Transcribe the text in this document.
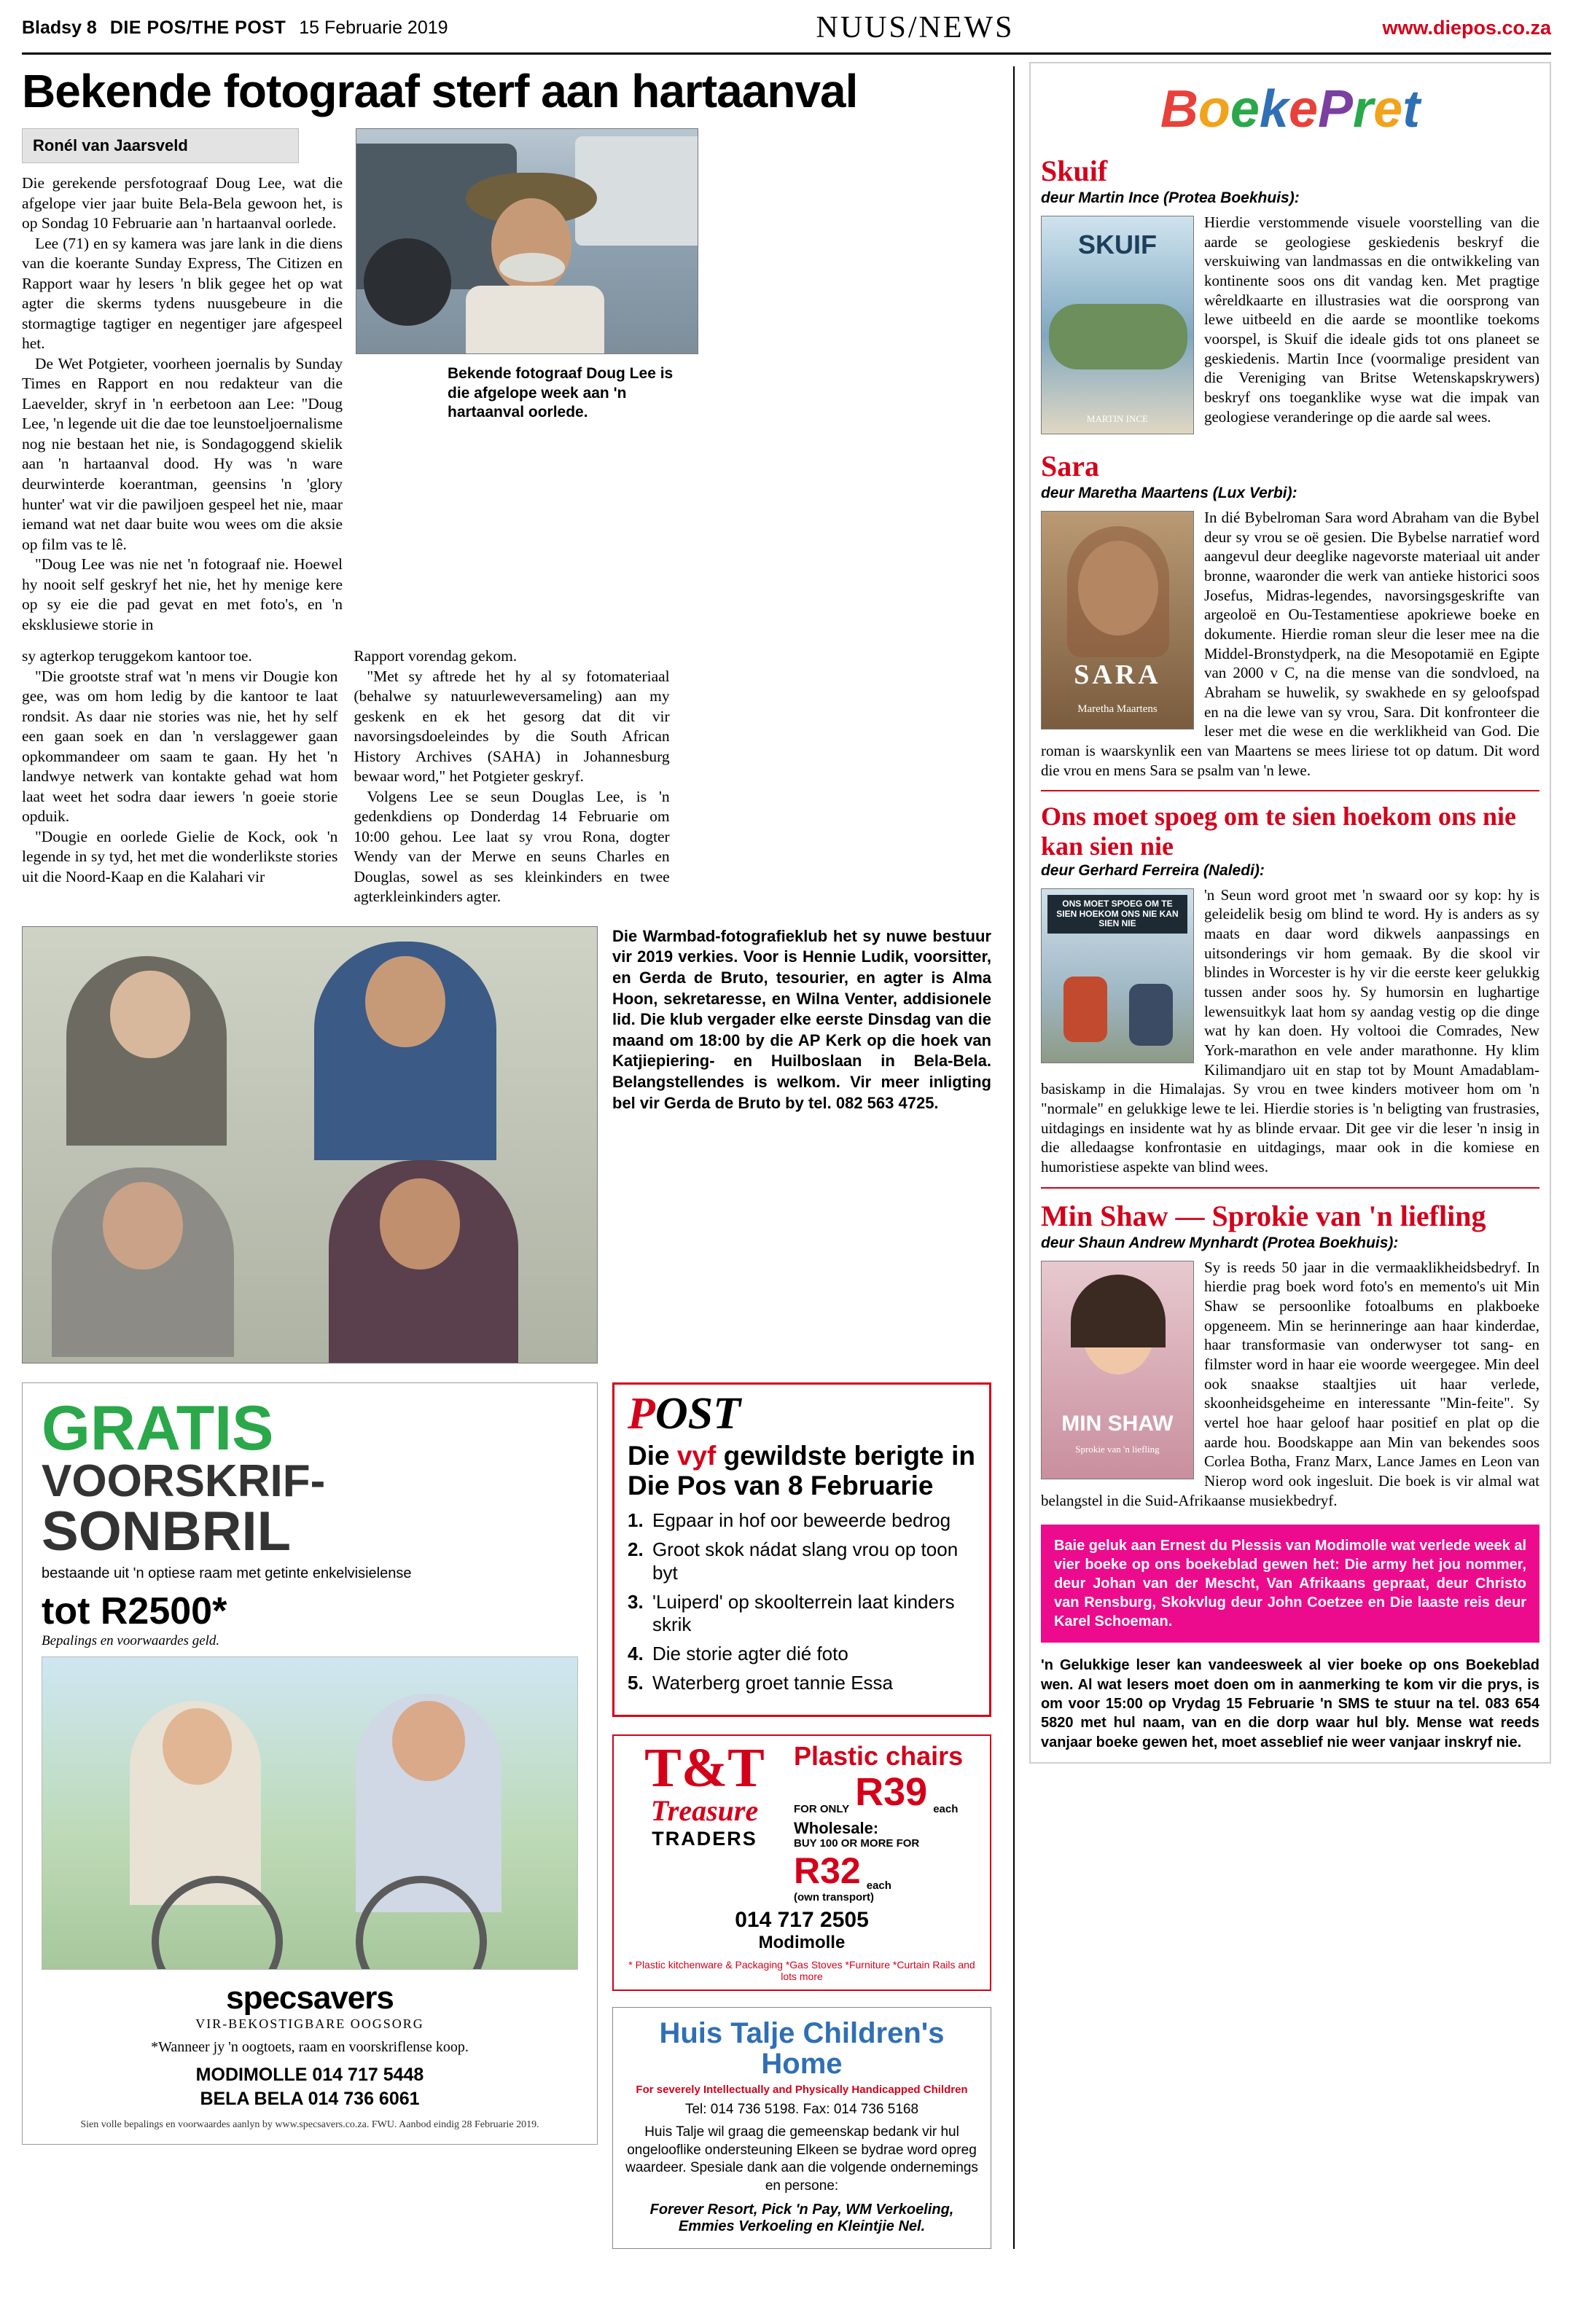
Bladsy 8 DIE POS/THE POST 15 Februarie 2019	NUUS/NEWS	www.diepos.co.za
Bekende fotograaf sterf aan hartaanval
Ronél van Jaarsveld

Die gerekende persfotograaf Doug Lee, wat die afgelope vier jaar buite Bela-Bela gewoon het, is op Sondag 10 Februarie aan 'n hartaanval oorlede.

Lee (71) en sy kamera was jare lank in die diens van die koerante Sunday Express, The Citizen en Rapport waar hy lesers 'n blik gegee het op wat agter die skerms tydens nuusgebeure in die stormagtige tagtiger en negentiger jare afgespeel het.

De Wet Potgieter, voorheen joernalis by Sunday Times en Rapport en nou redakteur van die Laevelder, skryf in 'n eerbetoon aan Lee: "Doug Lee, 'n legende uit die dae toe leunstoeljoernalisme nog nie bestaan het nie, is Sondagoggend skielik aan 'n hartaanval dood. Hy was 'n ware deurwinterde koerantman, geensins 'n 'glory hunter' wat vir die pawiljoen gespeel het nie, maar iemand wat net daar buite wou wees om die aksie op film vas te lê.

"Doug Lee was nie net 'n fotograaf nie. Hoewel hy nooit self geskryf het nie, het hy menige kere op sy eie die pad gevat en met foto's, en 'n eksklusiewe storie in

Bekende fotograaf Doug Lee is die afgelope week aan 'n hartaanval oorlede.

sy agterkop teruggekom kantoor toe.

"Die grootste straf wat 'n mens vir Dougie kon gee, was om hom ledig by die kantoor te laat rondsit. As daar nie stories was nie, het hy self een gaan soek en dan 'n verslaggewer gaan opkommandeer om saam te gaan. Hy het 'n landwye netwerk van kontakte gehad wat hom laat weet het sodra daar iewers 'n goeie storie opduik.

"Dougie en oorlede Gielie de Kock, ook 'n legende in sy tyd, het met die wonderlikste stories uit die Noord-Kaap en die Kalahari vir

Rapport vorendag gekom.

"Met sy aftrede het hy al sy fotomateriaal (behalwe sy natuurleweversameling) aan my geskenk en ek het gesorg dat dit vir navorsingsdoeleindes by die South African History Archives (SAHA) in Johannesburg bewaar word," het Potgieter geskryf.

Volgens Lee se seun Douglas Lee, is 'n gedenkdiens op Donderdag 14 Februarie om 10:00 gehou. Lee laat sy vrou Rona, dogter Wendy van der Merwe en seuns Charles en Douglas, sowel as ses kleinkinders en twee agterkleinkinders agter.

Die Warmbad-fotografieklub het sy nuwe bestuur vir 2019 verkies. Voor is Hennie Ludik, voorsitter, en Gerda de Bruto, tesourier, en agter is Alma Hoon, sekretaresse, en Wilna Venter, addisionele lid. Die klub vergader elke eerste Dinsdag van die maand om 18:00 by die AP Kerk op die hoek van Katjiepiering- en Huilboslaan in Bela-Bela. Belangstellendes is welkom. Vir meer inligting bel vir Gerda de Bruto by tel. 082 563 4725.
GRATIS
VOORSKRIF-
SONBRIL
bestaande uit 'n optiese raam met getinte enkelvisielense
tot R2500*
Bepalings en voorwaardes geld.
specsavers
VIR-BEKOSTIGBARE OOGSORG
*Wanneer jy 'n oogtoets, raam en voorskriflense koop.
MODIMOLLE 014 717 5448
BELA BELA 014 736 6061
Sien volle bepalings en voorwaardes aanlyn by www.specsavers.co.za. FWU. Aanbod eindig 28 Februarie 2019.
POST
Die vyf gewildste berigte in Die Pos van 8 Februarie
1. Egpaar in hof oor beweerde bedrog
2. Groot skok nádat slang vrou op toon byt
3. 'Luiperd' op skoolterrein laat kinders skrik
4. Die storie agter dié foto
5. Waterberg groet tannie Essa
T&T
Treasure
TRADERS
Plastic chairs
FOR ONLY R39 each
Wholesale:
BUY 100 OR MORE FOR
R32 each
(own transport)
014 717 2505
Modimolle
* Plastic kitchenware & Packaging *Gas Stoves *Furniture *Curtain Rails and lots more
Huis Talje Children's Home
For severely Intellectually and Physically Handicapped Children
Tel: 014 736 5198. Fax: 014 736 5168
Huis Talje wil graag die gemeenskap bedank vir hul ongelooflike ondersteuning Elkeen se bydrae word opreg waardeer. Spesiale dank aan die volgende ondernemings en persone:
Forever Resort, Pick 'n Pay, WM Verkoeling, Emmies Verkoeling en Kleintjie Nel.
BoekePret
Skuif
deur Martin Ince (Protea Boekhuis):
SKUIF
MARTIN INCE

Hierdie verstommende visuele voorstelling van die aarde se geologiese geskiedenis beskryf die verskuiwing van landmassas en die ontwikkeling van kontinente soos ons dit vandag ken. Met pragtige wêreldkaarte en illustrasies wat die oorsprong van lewe uitbeeld en die aarde se moontlike toekoms voorspel, is Skuif die ideale gids tot ons planeet se geskiedenis. Martin Ince (voormalige president van die Vereniging van Britse Wetenskapskrywers) beskryf ons toeganklike wyse wat die impak van geologiese veranderinge op die aarde sal wees.

Sara
deur Maretha Maartens (Lux Verbi):
SARA
Maretha Maartens

In dié Bybelroman Sara word Abraham van die Bybel deur sy vrou se oë gesien. Die Bybelse narratief word aangevul deur deeglike nagevorste materiaal uit ander bronne, waaronder die werk van antieke historici soos Josefus, Midras-legendes, navorsingsgeskrifte van argeoloë en Ou-Testamentiese apokriewe boeke en dokumente. Hierdie roman sleur die leser mee na die Middel-Bronstydperk, na die Mesopotamië en Egipte van 2000 v C, na die mense van die sondvloed, na Abraham se huwelik, sy swakhede en sy geloofspad en na die lewe van sy vrou, Sara. Dit konfronteer die leser met die wese en die werklikheid van God. Die roman is waarskynlik een van Maartens se mees liriese tot op datum. Dit word die vrou en mens Sara se psalm van 'n lewe.

Ons moet spoeg om te sien hoekom ons nie kan sien nie
deur Gerhard Ferreira (Naledi):
ONS MOET SPOEG OM TE SIEN HOEKOM ONS NIE KAN SIEN NIE

'n Seun word groot met 'n swaard oor sy kop: hy is geleidelik besig om blind te word. Hy is anders as sy maats en daar word dikwels aanpassings en uitsonderings vir hom gemaak. By die skool vir blindes in Worcester is hy vir die eerste keer gelukkig tussen ander soos hy. Sy humorsin en lughartige lewensuitkyk laat hom sy aandag vestig op die dinge wat hy kan doen. Hy voltooi die Comrades, New York-marathon en vele ander marathonne. Hy klim Kilimandjaro uit en stap tot by Mount Amadablam-basiskamp in die Himalajas. Sy vrou en twee kinders motiveer hom om 'n "normale" en gelukkige lewe te lei. Hierdie stories is 'n beligting van frustrasies, uitdagings en insidente wat hy as blinde ervaar. Dit gee vir die leser 'n insig in die alledaagse konfrontasie en uitdagings, maar ook in die komiese en humoristiese aspekte van blind wees.

Min Shaw — Sprokie van 'n liefling
deur Shaun Andrew Mynhardt (Protea Boekhuis):
MIN SHAW
Sprokie van 'n liefling

Sy is reeds 50 jaar in die vermaaklikheidsbedryf. In hierdie prag boek word foto's en memento's uit Min Shaw se persoonlike fotoalbums en plakboeke opgeneem. Min se herinneringe aan haar kinderdae, haar transformasie van onderwyser tot sang- en filmster word in haar eie woorde weergegee. Min deel ook snaakse staaltjies uit haar verlede, skoonheidsgeheime en interessante "Min-feite". Sy vertel hoe haar geloof haar positief en plat op die aarde hou. Boodskappe aan Min van bekendes soos Corlea Botha, Franz Marx, Lance James en Leon van Nierop word ook ingesluit. Die boek is vir almal wat belangstel in die Suid-Afrikaanse musiekbedryf.

Baie geluk aan Ernest du Plessis van Modimolle wat verlede week al vier boeke op ons boekeblad gewen het: Die army het jou nommer, deur Johan van der Mescht, Van Afrikaans gepraat, deur Christo van Rensburg, Skokvlug deur John Coetzee en Die laaste reis deur Karel Schoeman.
'n Gelukkige leser kan vandeesweek al vier boeke op ons Boekeblad wen. Al wat lesers moet doen om in aanmerking te kom vir die prys, is om voor 15:00 op Vrydag 15 Februarie 'n SMS te stuur na tel. 083 654 5820 met hul naam, van en die dorp waar hul bly. Mense wat reeds vanjaar boeke gewen het, moet asseblief nie weer vanjaar inskryf nie.
